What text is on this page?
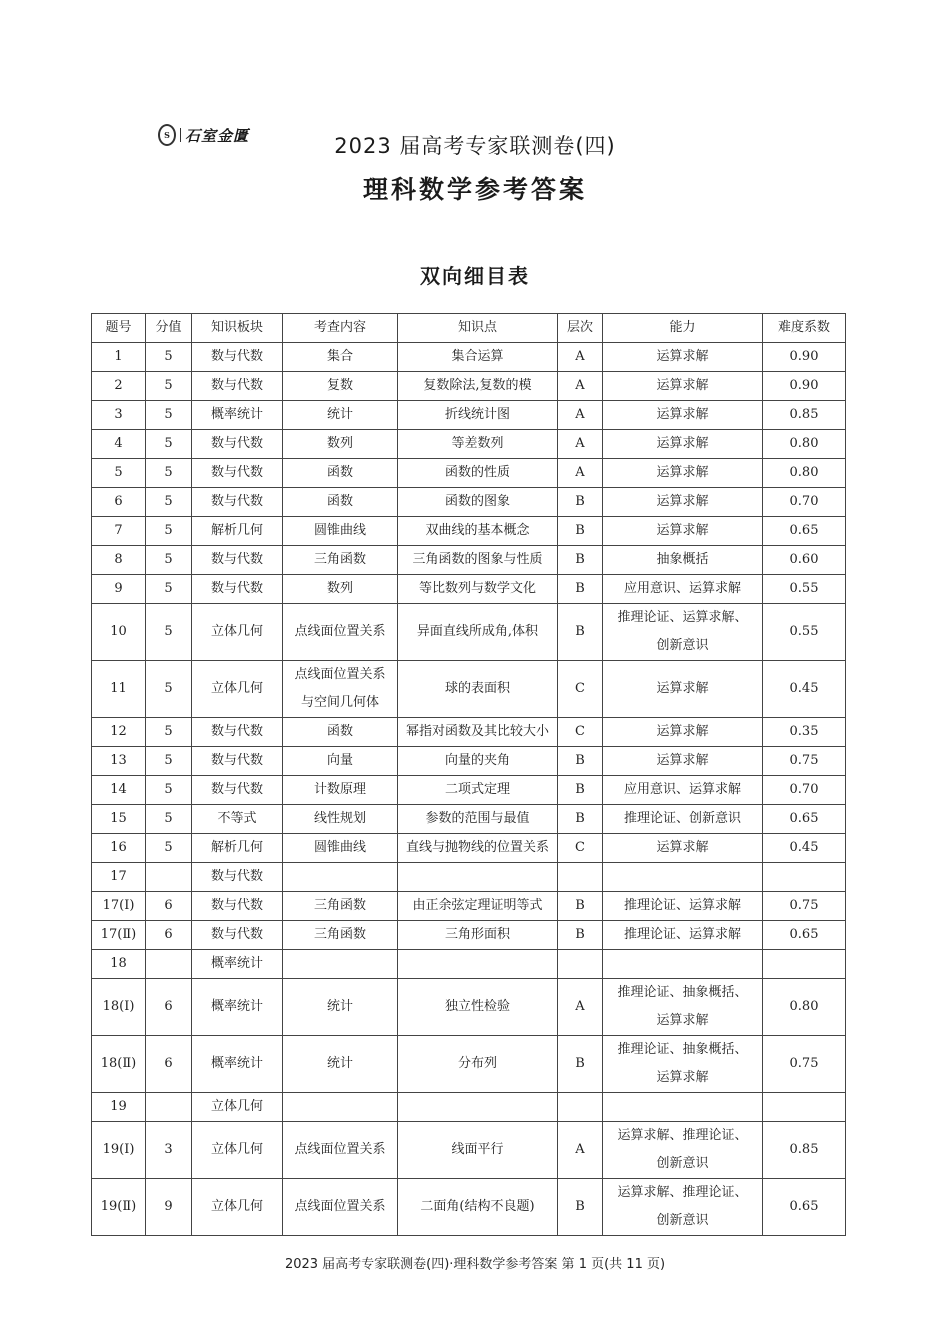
S	石室金匱	2023 届高考专家联测卷(四)
理科数学参考答案
双向细目表
题号	分值	知识板块	考查内容	知识点	层次	能力	难度系数
1	5	数与代数	集合	集合运算	A	运算求解	0.90
2	5	数与代数	复数	复数除法,复数的模	A	运算求解	0.90
3	5	概率统计	统计	折线统计图	A	运算求解	0.85
4	5	数与代数	数列	等差数列	A	运算求解	0.80
5	5	数与代数	函数	函数的性质	A	运算求解	0.80
6	5	数与代数	函数	函数的图象	B	运算求解	0.70
7	5	解析几何	圆锥曲线	双曲线的基本概念	B	运算求解	0.65
8	5	数与代数	三角函数	三角函数的图象与性质	B	抽象概括	0.60
9	5	数与代数	数列	等比数列与数学文化	B	应用意识、运算求解	0.55
10	5	立体几何	点线面位置关系	异面直线所成角,体积	B	推理论证、运算求解、创新意识	0.55
11	5	立体几何	点线面位置关系与空间几何体	球的表面积	C	运算求解	0.45
12	5	数与代数	函数	幂指对函数及其比较大小	C	运算求解	0.35
13	5	数与代数	向量	向量的夹角	B	运算求解	0.75
14	5	数与代数	计数原理	二项式定理	B	应用意识、运算求解	0.70
15	5	不等式	线性规划	参数的范围与最值	B	推理论证、创新意识	0.65
16	5	解析几何	圆锥曲线	直线与抛物线的位置关系	C	运算求解	0.45
17		数与代数					
17(Ⅰ)	6	数与代数	三角函数	由正余弦定理证明等式	B	推理论证、运算求解	0.75
17(Ⅱ)	6	数与代数	三角函数	三角形面积	B	推理论证、运算求解	0.65
18		概率统计					
18(Ⅰ)	6	概率统计	统计	独立性检验	A	推理论证、抽象概括、运算求解	0.80
18(Ⅱ)	6	概率统计	统计	分布列	B	推理论证、抽象概括、运算求解	0.75
19		立体几何					
19(Ⅰ)	3	立体几何	点线面位置关系	线面平行	A	运算求解、推理论证、创新意识	0.85
19(Ⅱ)	9	立体几何	点线面位置关系	二面角(结构不良题)	B	运算求解、推理论证、创新意识	0.65
2023 届高考专家联测卷(四)·理科数学参考答案 第 1 页(共 11 页)
